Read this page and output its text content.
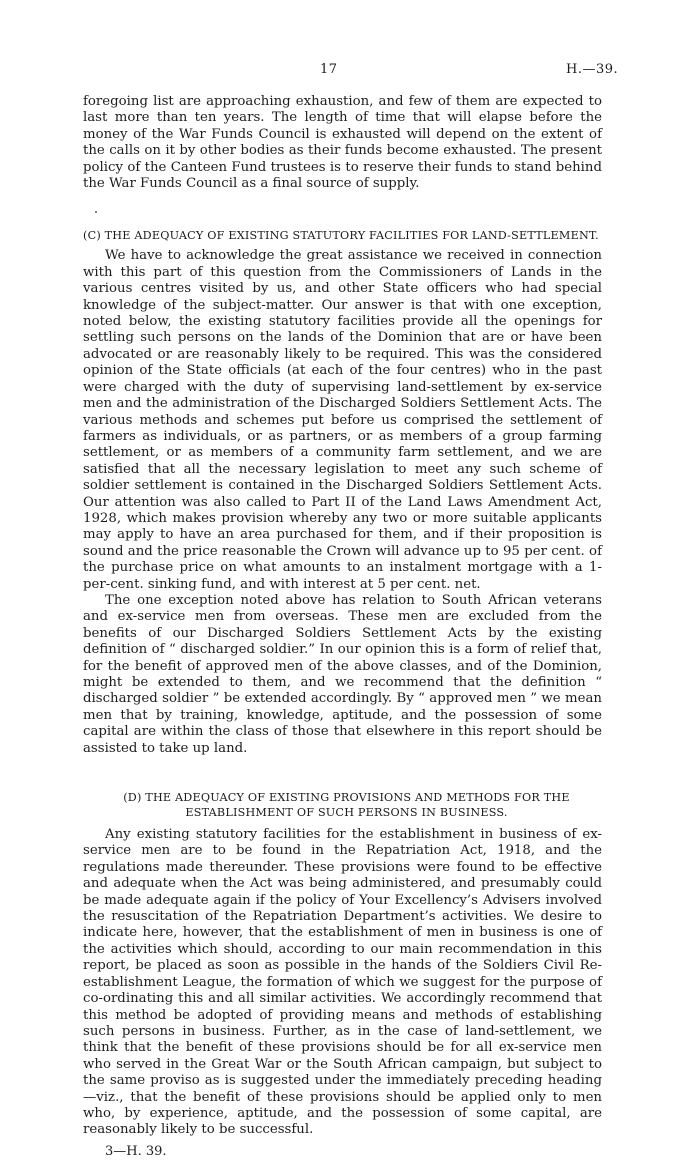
17	H.—39.

foregoing list are approaching exhaustion, and few of them are expected to last more than ten years. The length of time that will elapse before the money of the War Funds Council is exhausted will depend on the extent of the calls on it by other bodies as their funds become exhausted. The present policy of the Canteen Fund trustees is to reserve their funds to stand behind the War Funds Council as a final source of supply.

(C) THE ADEQUACY OF EXISTING STATUTORY FACILITIES FOR LAND-SETTLEMENT.

We have to acknowledge the great assistance we received in connection with this part of this question from the Commissioners of Lands in the various centres visited by us, and other State officers who had special knowledge of the subject-matter. Our answer is that with one exception, noted below, the existing statutory facilities provide all the openings for settling such persons on the lands of the Dominion that are or have been advocated or are reasonably likely to be required. This was the considered opinion of the State officials (at each of the four centres) who in the past were charged with the duty of supervising land-settlement by ex-service men and the administration of the Discharged Soldiers Settlement Acts. The various methods and schemes put before us comprised the settlement of farmers as individuals, or as partners, or as members of a group farming settlement, or as members of a community farm settlement, and we are satisfied that all the necessary legislation to meet any such scheme of soldier settlement is contained in the Discharged Soldiers Settlement Acts. Our attention was also called to Part II of the Land Laws Amendment Act, 1928, which makes provision whereby any two or more suitable applicants may apply to have an area purchased for them, and if their proposition is sound and the price reasonable the Crown will advance up to 95 per cent. of the purchase price on what amounts to an instalment mortgage with a 1-per-cent. sinking fund, and with interest at 5 per cent. net.

The one exception noted above has relation to South African veterans and ex-service men from overseas. These men are excluded from the benefits of our Discharged Soldiers Settlement Acts by the existing definition of “ discharged soldier.” In our opinion this is a form of relief that, for the benefit of approved men of the above classes, and of the Dominion, might be extended to them, and we recommend that the definition “ discharged soldier ” be extended accordingly. By “ approved men ” we mean men that by training, knowledge, aptitude, and the possession of some capital are within the class of those that elsewhere in this report should be assisted to take up land.

(D) THE ADEQUACY OF EXISTING PROVISIONS AND METHODS FOR THE
ESTABLISHMENT OF SUCH PERSONS IN BUSINESS.

Any existing statutory facilities for the establishment in business of ex-service men are to be found in the Repatriation Act, 1918, and the regulations made thereunder. These provisions were found to be effective and adequate when the Act was being administered, and presumably could be made adequate again if the policy of Your Excellency’s Advisers involved the resuscitation of the Repatriation Department’s activities. We desire to indicate here, however, that the establishment of men in business is one of the activities which should, according to our main recommendation in this report, be placed as soon as possible in the hands of the Soldiers Civil Re-establishment League, the formation of which we suggest for the purpose of co-ordinating this and all similar activities. We accordingly recommend that this method be adopted of providing means and methods of establishing such persons in business. Further, as in the case of land-settlement, we think that the benefit of these provisions should be for all ex-service men who served in the Great War or the South African campaign, but subject to the same proviso as is suggested under the immediately preceding heading—viz., that the benefit of these provisions should be applied only to men who, by experience, aptitude, and the possession of some capital, are reasonably likely to be successful.

3—H. 39.
